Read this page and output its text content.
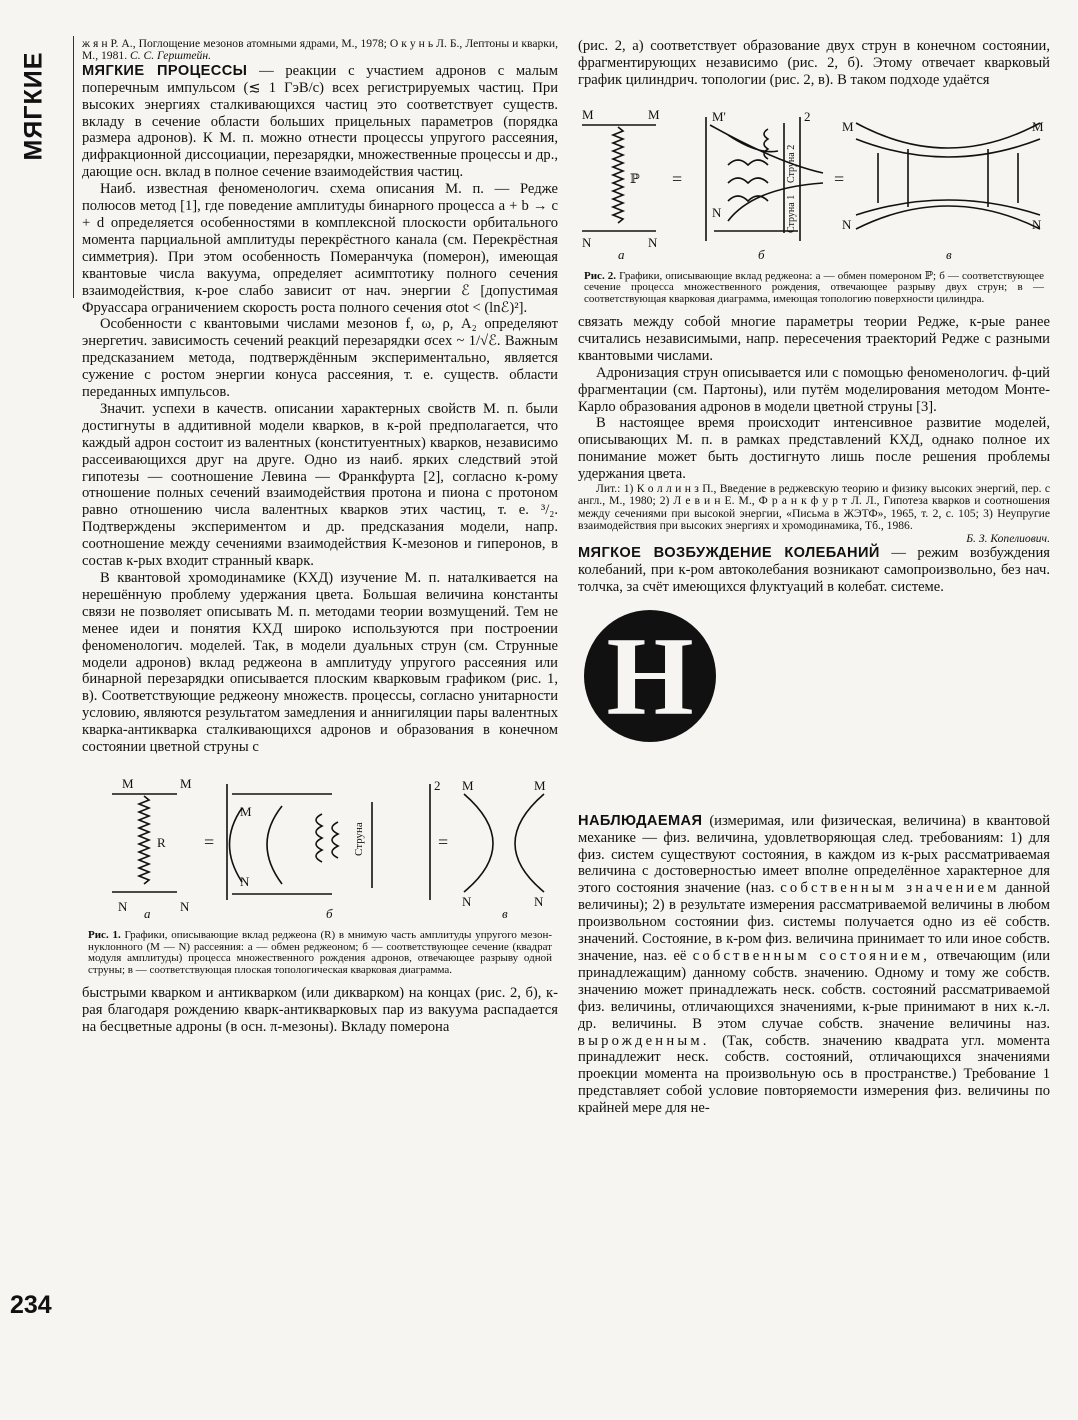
МЯГКИЕ
234

ж я н Р. А., Поглощение мезонов атомными ядрами, М., 1978; О к у н ь Л. Б., Лептоны и кварки, М., 1981. С. С. Герштейн.

МЯГКИЕ ПРОЦЕССЫ — реакции с участием адронов с малым поперечным импульсом (≲ 1 ГэВ/c) всех регистрируемых частиц. При высоких энергиях сталкивающихся частиц это соответствует существ. вкладу в сечение области больших прицельных параметров (порядка размера адронов). К М. п. можно отнести процессы упругого рассеяния, дифракционной диссоциации, перезарядки, множественные процессы и др., дающие осн. вклад в полное сечение взаимодействия частиц.

Наиб. известная феноменологич. схема описания М. п. — Редже полюсов метод [1], где поведение амплитуды бинарного процесса a + b → c + d определяется особенностями в комплексной плоскости орбитального момента парциальной амплитуды перекрёстного канала (см. Перекрёстная симметрия). При этом особенность Померанчука (померон), имеющая квантовые числа вакуума, определяет асимптотику полного сечения взаимодействия, к-рое слабо зависит от нач. энергии ℰ [допустимая Фруассара ограничением скорость роста полного сечения σtot < (lnℰ)²].

Особенности с квантовыми числами мезонов f, ω, ρ, A₂ определяют энергетич. зависимость сечений реакций перезарядки σcex ~ 1/√ℰ. Важным предсказанием метода, подтверждённым экспериментально, является сужение с ростом энергии конуса рассеяния, т. е. существ. области переданных импульсов.

Значит. успехи в качеств. описании характерных свойств М. п. были достигнуты в аддитивной модели кварков, в к-рой предполагается, что каждый адрон состоит из валентных (конституентных) кварков, независимо рассеивающихся друг на друге. Одно из наиб. ярких следствий этой гипотезы — соотношение Левина — Франкфурта [2], согласно к-рому отношение полных сечений взаимодействия протона и пиона с протоном равно отношению числа валентных кварков этих частиц, т. е. ³/₂. Подтверждены экспериментом и др. предсказания модели, напр. соотношение между сечениями взаимодействия K-мезонов и гиперонов, в состав к-рых входит странный кварк.

В квантовой хромодинамике (КХД) изучение М. п. наталкивается на нерешённую проблему удержания цвета. Большая величина константы связи не позволяет описывать М. п. методами теории возмущений. Тем не менее идеи и понятия КХД широко используются при построении феноменологич. моделей. Так, в модели дуальных струн (см. Струнные модели адронов) вклад реджеона в амплитуду упругого рассеяния или бинарной перезарядки описывается плоским кварковым графиком (рис. 1, в). Соответствующие реджеону множеств. процессы, согласно унитарности условию, являются результатом замедления и аннигиляции пары валентных кварка-антикварка сталкивающихся адронов и образования в конечном состоянии цветной струны с

M	M
N	N
R =	=
2
M
N
M	M
N	N
Струна
а	б	в
Рис. 1. Графики, описывающие вклад реджеона (R) в мнимую часть амплитуды упругого мезон-нуклонного (M — N) рассеяния: а — обмен реджеоном; б — соответствующее сечение (квадрат модуля амплитуды) процесса множественного рождения адронов, отвечающее разрыву одной струны; в — соответствующая плоская топологическая кварковая диаграмма.

быстрыми кварком и антикварком (или дикварком) на концах (рис. 2, б), к-рая благодаря рождению кварк-антикварковых пар из вакуума распадается на бесцветные адроны (в осн. π-мезоны). Вкладу померона

(рис. 2, а) соответствует образование двух струн в конечном состоянии, фрагментирующих независимо (рис. 2, б). Этому отвечает кварковый график цилиндрич. топологии (рис. 2, в). В таком подходе удаётся

M	M
N	N
ℙ =	=
2
M'
N
M	M
N	N
Струна 2
Струна 1
а	б	в
Рис. 2. Графики, описывающие вклад реджеона: а — обмен помероном ℙ; б — соответствующее сечение процесса множественного рождения, отвечающее разрыву двух струн; в — соответствующая кварковая диаграмма, имеющая топологию поверхности цилиндра.

связать между собой многие параметры теории Редже, к-рые ранее считались независимыми, напр. пересечения траекторий Редже с разными квантовыми числами.

Адронизация струн описывается или с помощью феноменологич. ф-ций фрагментации (см. Партоны), или путём моделирования методом Монте-Карло образования адронов в модели цветной струны [3].

В настоящее время происходит интенсивное развитие моделей, описывающих М. п. в рамках представлений КХД, однако полное их понимание может быть достигнуто лишь после решения проблемы удержания цвета.

Лит.: 1) К о л л и н з П., Введение в реджевскую теорию и физику высоких энергий, пер. с англ., М., 1980; 2) Л е в и н Е. М., Ф р а н к ф у р т Л. Л., Гипотеза кварков и соотношения между сечениями при высокой энергии, «Письма в ЖЭТФ», 1965, т. 2, с. 105; 3) Неупругие взаимодействия при высоких энергиях и хромодинамика, Тб., 1986.

Б. З. Копелиович.

МЯГКОЕ ВОЗБУЖДЕНИЕ КОЛЕБАНИЙ — режим возбуждения колебаний, при к-ром автоколебания возникают самопроизвольно, без нач. толчка, за счёт имеющихся флуктуаций в колебат. системе.

Н

НАБЛЮДАЕМАЯ (измеримая, или физическая, величина) в квантовой механике — физ. величина, удовлетворяющая след. требованиям: 1) для физ. систем существуют состояния, в каждом из к-рых рассматриваемая величина с достоверностью имеет вполне определённое характерное для этого состояния значение (наз. собственным значением данной величины); 2) в результате измерения рассматриваемой величины в любом произвольном состоянии физ. системы получается одно из её собств. значений. Состояние, в к-ром физ. величина принимает то или иное собств. значение, наз. её собственным состоянием, отвечающим (или принадлежащим) данному собств. значению. Одному и тому же собств. значению может принадлежать неск. собств. состояний рассматриваемой физ. величины, отличающихся значениями, к-рые принимают в них к.-л. др. величины. В этом случае собств. значение величины наз. вырожденным. (Так, собств. значению квадрата угл. момента принадлежит неск. собств. состояний, отличающихся значениями проекции момента на произвольную ось в пространстве.) Требование 1 представляет собой условие повторяемости измерения физ. величины по крайней мере для не-
